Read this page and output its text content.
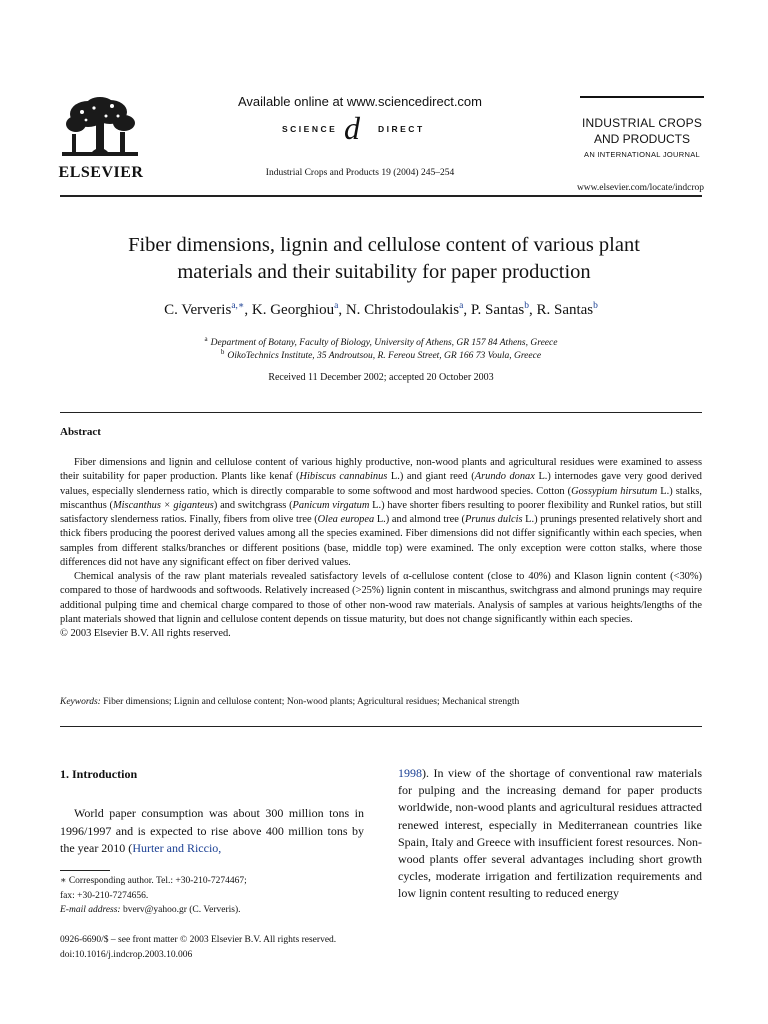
ELSEVIER
Available online at www.sciencedirect.com
SCIENCE d DIRECT
Industrial Crops and Products 19 (2004) 245–254
INDUSTRIAL CROPS
AND PRODUCTS
AN INTERNATIONAL JOURNAL
www.elsevier.com/locate/indcrop
Fiber dimensions, lignin and cellulose content of various plant
materials and their suitability for paper production
C. Ververis$^{a,∗}$, K. Georghiou$^a$, N. Christodoulakis$^a$, P. Santas$^b$, R. Santas$^b$
$^a$ Department of Botany, Faculty of Biology, University of Athens, GR 157 84 Athens, Greece
$^b$ OikoTechnics Institute, 35 Androutsou, R. Fereou Street, GR 166 73 Voula, Greece
Received 11 December 2002; accepted 20 October 2003
Abstract

Fiber dimensions and lignin and cellulose content of various highly productive, non-wood plants and agricultural residues were examined to assess their suitability for paper production. Plants like kenaf (Hibiscus cannabinus L.) and giant reed (Arundo donax L.) internodes gave very good derived values, especially slenderness ratio, which is directly comparable to some softwood and most hardwood species. Cotton (Gossypium hirsutum L.) stalks, miscanthus (Miscanthus × giganteus) and switchgrass (Panicum virgatum L.) have shorter fibers resulting to poorer flexibility and Runkel ratios, but still satisfactory slenderness ratios. Finally, fibers from olive tree (Olea europea L.) and almond tree (Prunus dulcis L.) prunings presented relatively short and thick fibers producing the poorest derived values among all the species examined. Fiber dimensions did not differ significantly within each species, when samples from different stalks/branches or different positions (base, middle top) were examined. The only exception were cotton stalks, where those differences did not have any significant effect on fiber derived values.

Chemical analysis of the raw plant materials revealed satisfactory levels of α-cellulose content (close to 40%) and Klason lignin content (<30%) compared to those of hardwoods and softwoods. Relatively increased (>25%) lignin content in miscanthus, switchgrass and almond prunings may require additional pulping time and chemical charge compared to those of other non-wood raw materials. Analysis of samples at various heights/lengths of the plant materials showed that lignin and cellulose content depends on tissue maturity, but does not change significantly within each species.

© 2003 Elsevier B.V. All rights reserved.

Keywords: Fiber dimensions; Lignin and cellulose content; Non-wood plants; Agricultural residues; Mechanical strength
1. Introduction

World paper consumption was about 300 million tons in 1996/1997 and is expected to rise above 400 million tons by the year 2010 (Hurter and Riccio,

1998). In view of the shortage of conventional raw materials for pulping and the increasing demand for paper products worldwide, non-wood plants and agricultural residues attracted renewed interest, especially in Mediterranean countries like Spain, Italy and Greece with insufficient forest resources. Non-wood plants offer several advantages including short growth cycles, moderate irrigation and fertilization requirements and low lignin content resulting to reduced energy

∗ Corresponding author. Tel.: +30-210-7274467;
fax: +30-210-7274656.
E-mail address: bverv@yahoo.gr (C. Ververis).
0926-6690/$ – see front matter © 2003 Elsevier B.V. All rights reserved.
doi:10.1016/j.indcrop.2003.10.006
